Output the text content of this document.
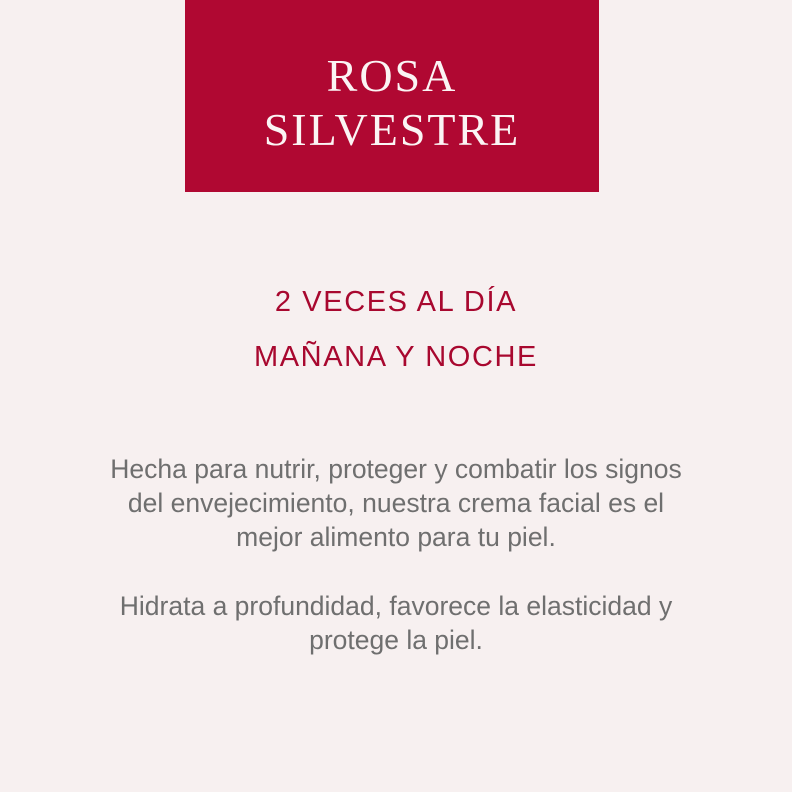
ROSA
SILVESTRE
2 VECES AL DÍA
MAÑANA Y NOCHE

Hecha para nutrir, proteger y combatir los signos del envejecimiento, nuestra crema facial es el mejor alimento para tu piel.

Hidrata a profundidad, favorece la elasticidad y protege la piel.
